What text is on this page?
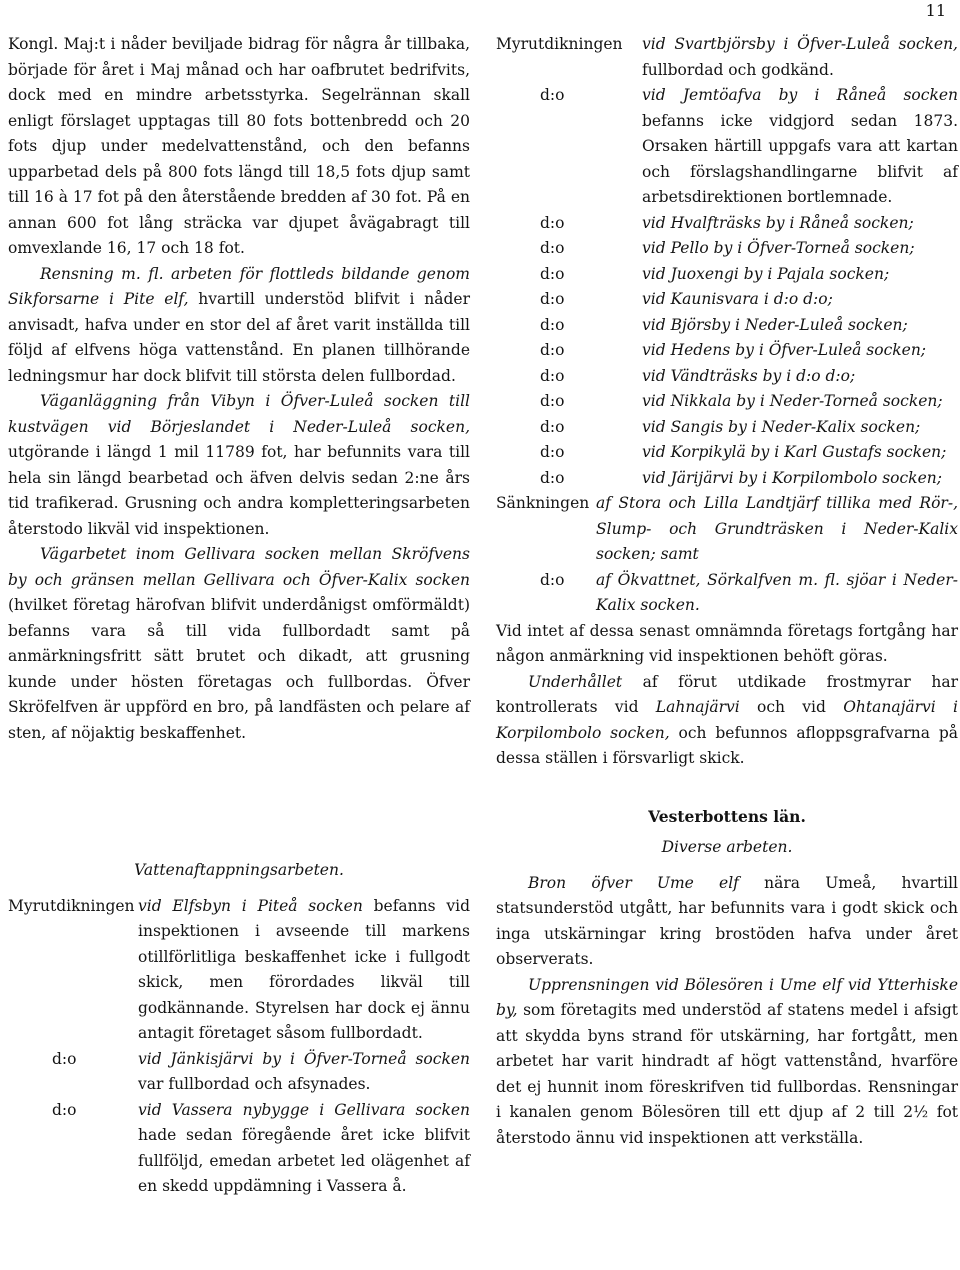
11

Kongl. Maj:t i nåder beviljade bidrag för några år tillbaka, började för året i Maj månad och har oafbrutet bedrifvits, dock med en mindre arbetsstyrka. Segelrännan skall enligt förslaget upptagas till 80 fots bottenbredd och 20 fots djup under medelvattenstånd, och den befanns upparbetad dels på 800 fots längd till 18,5 fots djup samt till 16 à 17 fot på den återstående bredden af 30 fot. På en annan 600 fot lång sträcka var djupet åvägabragt till omvexlande 16, 17 och 18 fot.

Rensning m. fl. arbeten för flottleds bildande genom Sikforsarne i Pite elf, hvartill understöd blifvit i nåder anvisadt, hafva under en stor del af året varit inställda till följd af elfvens höga vattenstånd. En planen tillhörande ledningsmur har dock blifvit till största delen fullbordad.

Väganläggning från Vibyn i Öfver-Luleå socken till kustvägen vid Börjeslandet i Neder-Luleå socken, utgörande i längd 1 mil 11789 fot, har befunnits vara till hela sin längd bearbetad och äfven delvis sedan 2:ne års tid trafikerad. Grusning och andra kompletteringsarbeten återstodo likväl vid inspektionen.

Vägarbetet inom Gellivara socken mellan Skröfvens by och gränsen mellan Gellivara och Öfver-Kalix socken (hvilket företag härofvan blifvit underdånigst omförmäldt) befanns vara så till vida fullbordadt samt på anmärkningsfritt sätt brutet och dikadt, att grusning kunde under hösten företagas och fullbordas. Öfver Skröfelfven är uppförd en bro, på landfästen och pelare af sten, af nöjaktig beskaffenhet.

Vattenaftappningsarbeten.
Myrutdikningen vid Elfsbyn i Piteå socken befanns vid inspektionen i avseende till markens otillförlitliga beskaffenhet icke i fullgodt skick, men förordades likväl till godkännande. Styrelsen har dock ej ännu antagit företaget såsom fullbordadt.

d:o	vid Jänkisjärvi by i Öfver-Torneå socken var fullbordad och afsynades.

d:o	vid Vassera nybygge i Gellivara socken hade sedan föregående året icke blifvit fullföljd, emedan arbetet led olägenhet af en skedd uppdämning i Vassera å.

Myrutdikningen	vid Svartbjörsby i Öfver-Luleå socken, fullbordad och godkänd.

d:o	vid Jemtöafva by i Råneå socken befanns icke vidgjord sedan 1873. Orsaken härtill uppgafs vara att kartan och förslagshandlingarne blifvit af arbetsdirektionen bortlemnade.

d:o	vid Hvalfträsks by i Råneå socken;
d:o	vid Pello by i Öfver-Torneå socken;
d:o	vid Juoxengi by i Pajala socken;
d:o	vid Kaunisvara i d:o d:o;
d:o	vid Björsby i Neder-Luleå socken;
d:o	vid Hedens by i Öfver-Luleå socken;
d:o	vid Vändträsks by i d:o d:o;
d:o	vid Nikkala by i Neder-Torneå socken;
d:o	vid Sangis by i Neder-Kalix socken;
d:o	vid Korpikylä by i Karl Gustafs socken;
d:o	vid Järijärvi by i Korpilombolo socken;
Sänkningen af Stora och Lilla Landtjärf tillika med Rör-, Slump- och Grundträsken i Neder-Kalix socken; samt

d:o	af Ökvattnet, Sörkalfven m. fl. sjöar i Neder-Kalix socken.

Vid intet af dessa senast omnämnda företags fortgång har någon anmärkning vid inspektionen behöft göras.

Underhållet af förut utdikade frostmyrar har kontrollerats vid Lahnajärvi och vid Ohtanajärvi i Korpilombolo socken, och befunnos afloppsgrafvarna på dessa ställen i försvarligt skick.

Vesterbottens län.
Diverse arbeten.

Bron öfver Ume elf nära Umeå, hvartill statsunderstöd utgått, har befunnits vara i godt skick och inga utskärningar kring brostöden hafva under året observerats.

Upprensningen vid Bölesören i Ume elf vid Ytterhiske by, som företagits med understöd af statens medel i afsigt att skydda byns strand för utskärning, har fortgått, men arbetet har varit hindradt af högt vattenstånd, hvarföre det ej hunnit inom föreskrifven tid fullbordas. Rensningar i kanalen genom Bölesören till ett djup af 2 till 2½ fot återstodo ännu vid inspektionen att verkställa.
